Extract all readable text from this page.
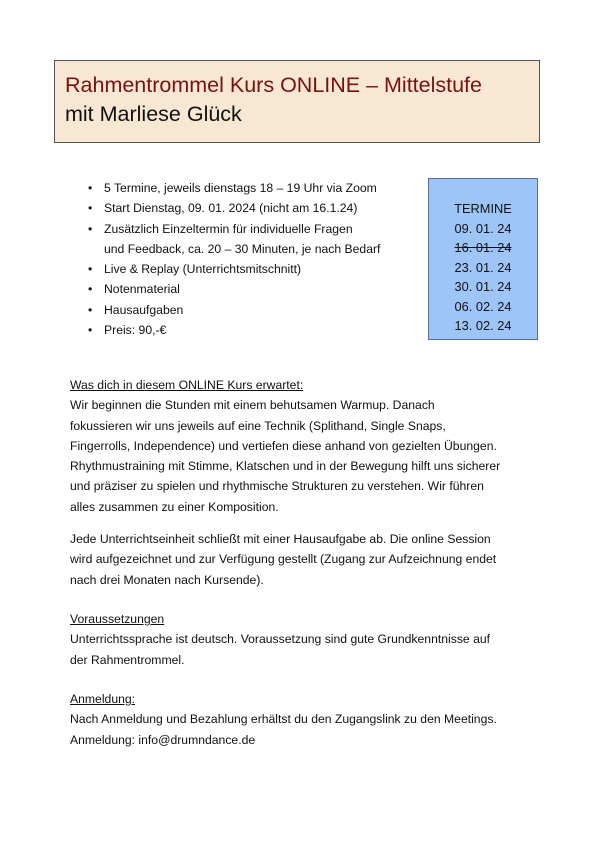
Rahmentrommel Kurs ONLINE – Mittelstufe
mit Marliese Glück
• 5 Termine, jeweils dienstags 18 – 19 Uhr via Zoom
• Start Dienstag, 09. 01. 2024 (nicht am 16.1.24)
• Zusätzlich Einzeltermin für individuelle Fragen
und Feedback, ca. 20 – 30 Minuten, je nach Bedarf
• Live & Replay (Unterrichtsmitschnitt)
• Notenmaterial
• Hausaufgaben
• Preis: 90,-€
TERMINE
09. 01. 24
16. 01. 24
23. 01. 24
30. 01. 24
06. 02. 24
13. 02. 24
Was dich in diesem ONLINE Kurs erwartet:
Wir beginnen die Stunden mit einem behutsamen Warmup. Danach
fokussieren wir uns jeweils auf eine Technik (Splithand, Single Snaps,
Fingerrolls, Independence) und vertiefen diese anhand von gezielten Übungen.
Rhythmustraining mit Stimme, Klatschen und in der Bewegung hilft uns sicherer
und präziser zu spielen und rhythmische Strukturen zu verstehen. Wir führen
alles zusammen zu einer Komposition.
Jede Unterrichtseinheit schließt mit einer Hausaufgabe ab. Die online Session
wird aufgezeichnet und zur Verfügung gestellt (Zugang zur Aufzeichnung endet
nach drei Monaten nach Kursende).
Voraussetzungen
Unterrichtssprache ist deutsch. Voraussetzung sind gute Grundkenntnisse auf
der Rahmentrommel.
Anmeldung:
Nach Anmeldung und Bezahlung erhältst du den Zugangslink zu den Meetings.
Anmeldung: info@drumndance.de
